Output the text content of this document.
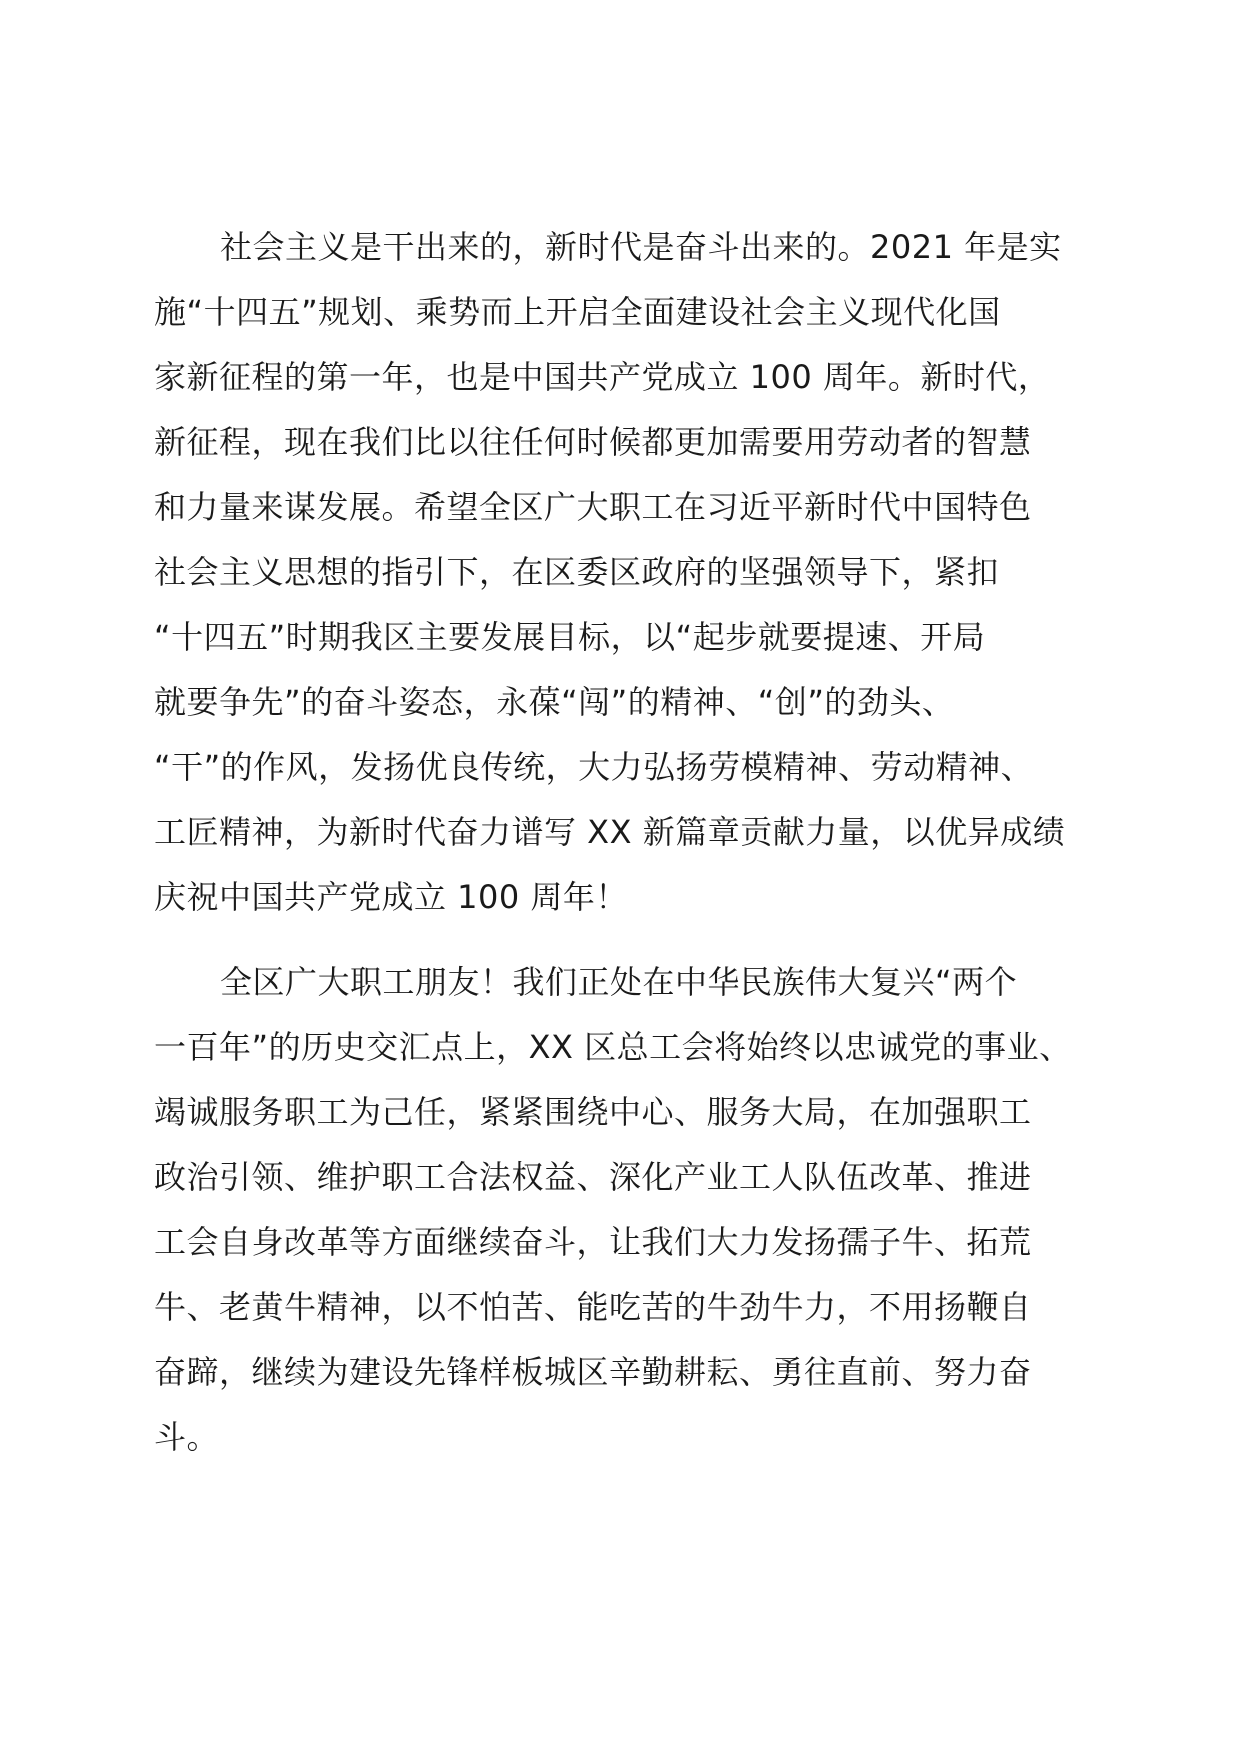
社会主义是干出来的，新时代是奋斗出来的。2021 年是实
施“十四五”规划、乘势而上开启全面建设社会主义现代化国
家新征程的第一年，也是中国共产党成立 100 周年。新时代，
新征程，现在我们比以往任何时候都更加需要用劳动者的智慧
和力量来谋发展。希望全区广大职工在习近平新时代中国特色
社会主义思想的指引下，在区委区政府的坚强领导下，紧扣
“十四五”时期我区主要发展目标，以“起步就要提速、开局
就要争先”的奋斗姿态，永葆“闯”的精神、“创”的劲头、
“干”的作风，发扬优良传统，大力弘扬劳模精神、劳动精神、
工匠精神，为新时代奋力谱写 XX 新篇章贡献力量，以优异成绩
庆祝中国共产党成立 100 周年！
全区广大职工朋友！我们正处在中华民族伟大复兴“两个
一百年”的历史交汇点上，XX 区总工会将始终以忠诚党的事业、
竭诚服务职工为己任，紧紧围绕中心、服务大局，在加强职工
政治引领、维护职工合法权益、深化产业工人队伍改革、推进
工会自身改革等方面继续奋斗，让我们大力发扬孺子牛、拓荒
牛、老黄牛精神，以不怕苦、能吃苦的牛劲牛力，不用扬鞭自
奋蹄，继续为建设先锋样板城区辛勤耕耘、勇往直前、努力奋
斗。
